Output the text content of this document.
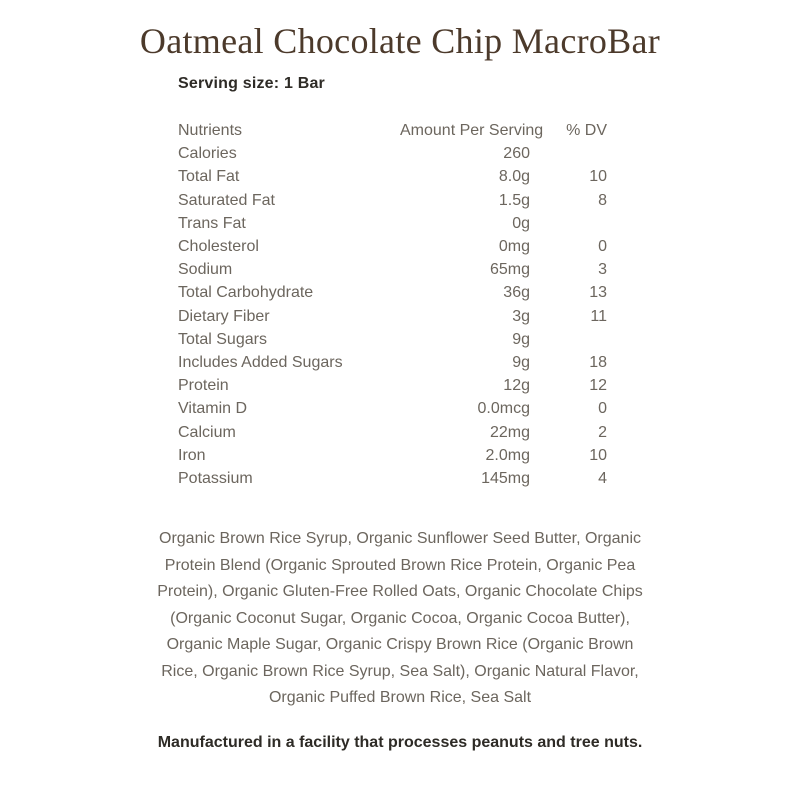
Oatmeal Chocolate Chip MacroBar
Serving size: 1 Bar
Nutrients	Amount Per Serving	% DV
Calories	260
Total Fat	8.0g	10
Saturated Fat	1.5g	8
Trans Fat	0g
Cholesterol	0mg	0
Sodium	65mg	3
Total Carbohydrate	36g	13
Dietary Fiber	3g	11
Total Sugars	9g
Includes Added Sugars	9g	18
Protein	12g	12
Vitamin D	0.0mcg	0
Calcium	22mg	2
Iron	2.0mg	10
Potassium	145mg	4

Organic Brown Rice Syrup, Organic Sunflower Seed Butter, Organic Protein Blend (Organic Sprouted Brown Rice Protein, Organic Pea Protein), Organic Gluten-Free Rolled Oats, Organic Chocolate Chips (Organic Coconut Sugar, Organic Cocoa, Organic Cocoa Butter), Organic Maple Sugar, Organic Crispy Brown Rice (Organic Brown Rice, Organic Brown Rice Syrup, Sea Salt), Organic Natural Flavor, Organic Puffed Brown Rice, Sea Salt

Manufactured in a facility that processes peanuts and tree nuts.
